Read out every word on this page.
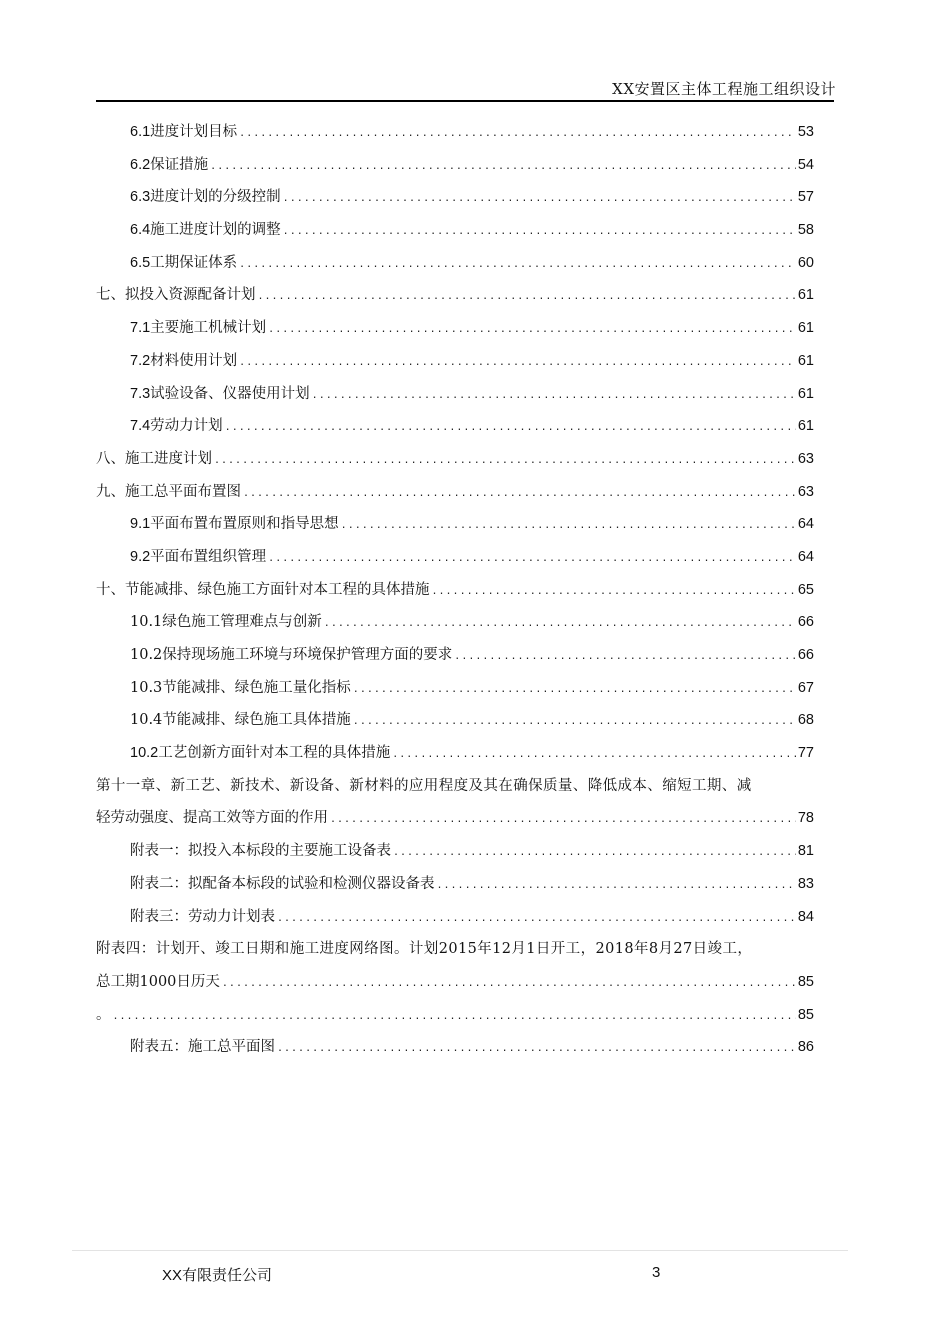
XX安置区主体工程施工组织设计
6.1进度计划目标 .....	53
6.2保证措施 .....	54
6.3进度计划的分级控制 .....	57
6.4施工进度计划的调整 .....	58
6.5工期保证体系 .....	60
七、拟投入资源配备计划 .....	61
7.1主要施工机械计划 .....	61
7.2材料使用计划 .....	61
7.3试验设备、仪器使用计划 .....	61
7.4劳动力计划 .....	61
八、施工进度计划 .....	63
九、施工总平面布置图 .....	63
9.1平面布置布置原则和指导思想 .....	64
9.2平面布置组织管理 .....	64
十、节能减排、绿色施工方面针对本工程的具体措施 .....	65
10.1绿色施工管理难点与创新 .....	66
10.2保持现场施工环境与环境保护管理方面的要求 .....	66
10.3节能减排、绿色施工量化指标 .....	67
10.4节能减排、绿色施工具体措施 .....	68
10.2工艺创新方面针对本工程的具体措施 .....	77
第十一章、新工艺、新技术、新设备、新材料的应用程度及其在确保质量、降低成本、缩短工期、减
轻劳动强度、提高工效等方面的作用 .....	78
附表一：拟投入本标段的主要施工设备表 .....	81
附表二：拟配备本标段的试验和检测仪器设备表 .....	83
附表三：劳动力计划表 .....	84
附表四：计划开、竣工日期和施工进度网络图。计划2015年12月1日开工，2018年8月27日竣工，
总工期1000日历天 .....	85
。 .....	85
附表五：施工总平面图 .....	86
XX有限责任公司	3
